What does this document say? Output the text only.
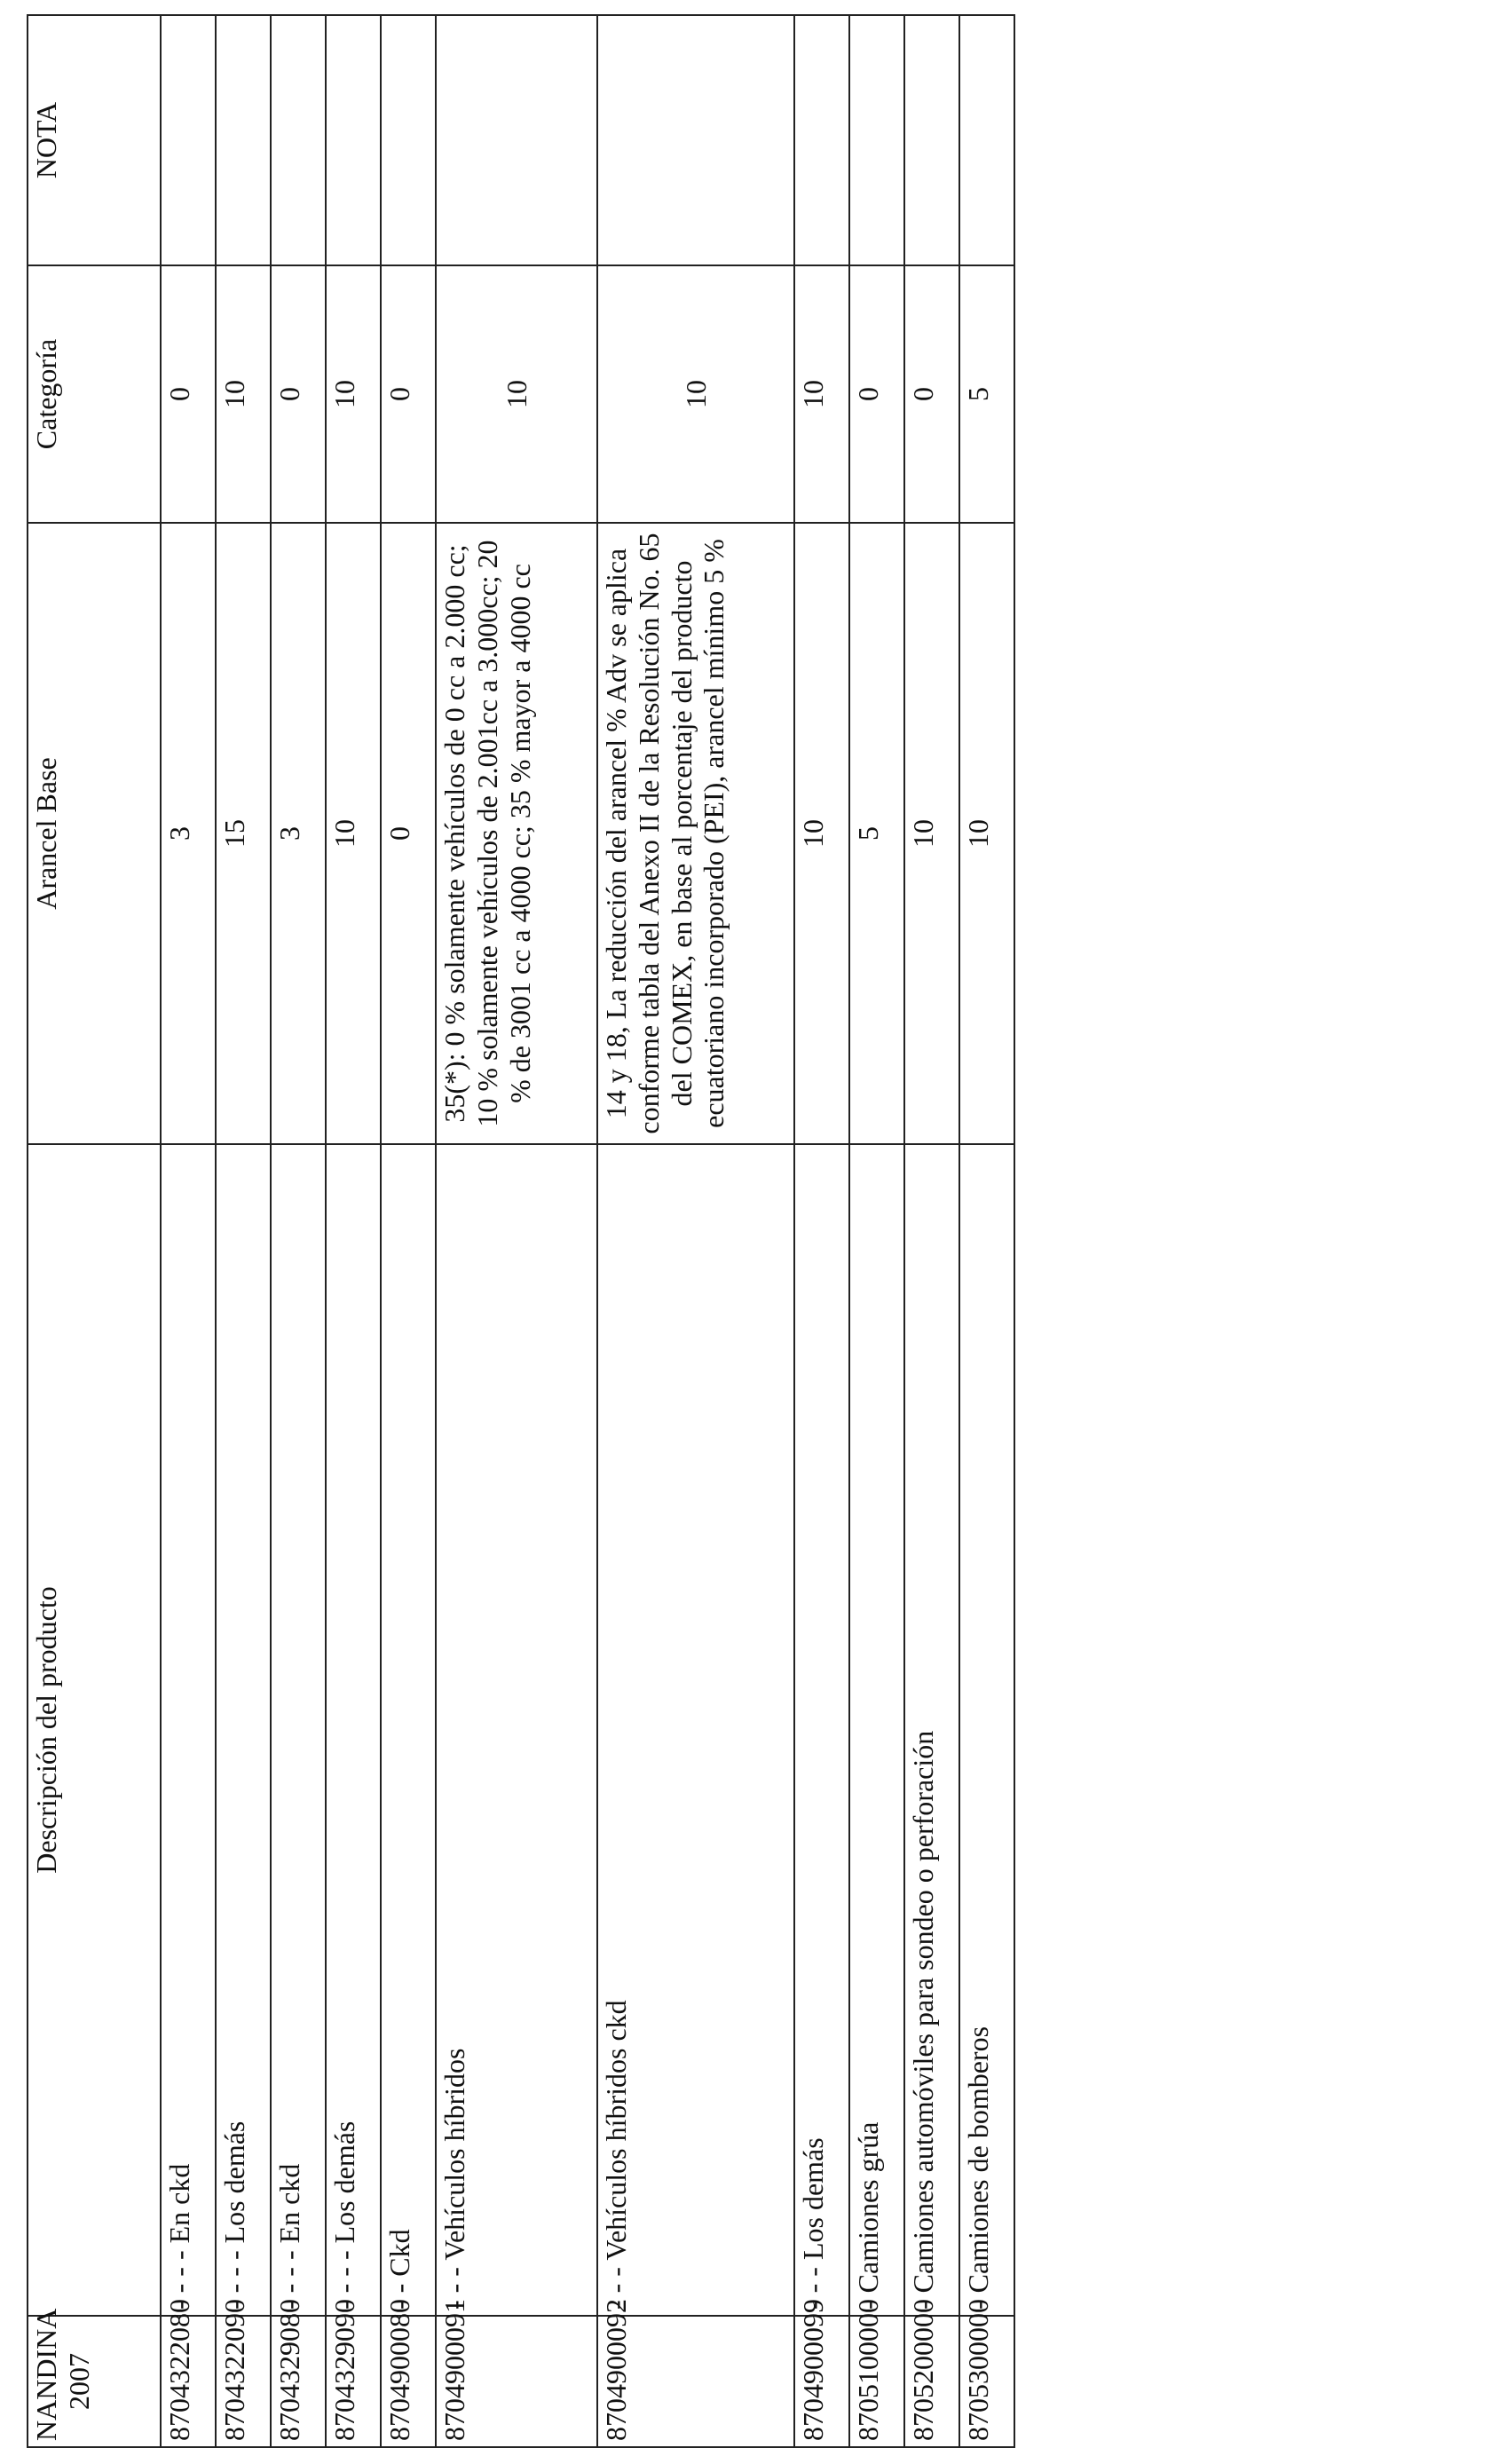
NANDINA 2007	Descripción del producto	Arancel Base	Categoría	NOTA
8704322080	- - - - En ckd	3	0	
8704322090	- - - - Los demás	15	10	
8704329080	- - - - En ckd	3	0	
8704329090	- - - - Los demás	10	10	
8704900080	- - Ckd	0	0	
8704900091	- - - Vehículos híbridos	35(*): 0 % solamente vehículos de 0 cc a 2.000 cc; 10 % solamente vehículos de 2.001cc a 3.000cc; 20 % de 3001 cc a 4000 cc; 35 % mayor a 4000 cc	10	
8704900092	- - - Vehículos híbridos ckd	14 y 18, La reducción del arancel % Adv se aplica conforme tabla del Anexo II de la Resolución No. 65 del COMEX, en base al porcentaje del producto ecuatoriano incorporado (PEI), arancel mínimo 5 %	10	
8704900099	- - - Los demás	10	10	
8705100000	- Camiones grúa	5	0	
8705200000	- Camiones automóviles para sondeo o perforación	10	0	
8705300000	- Camiones de bomberos	10	5	
